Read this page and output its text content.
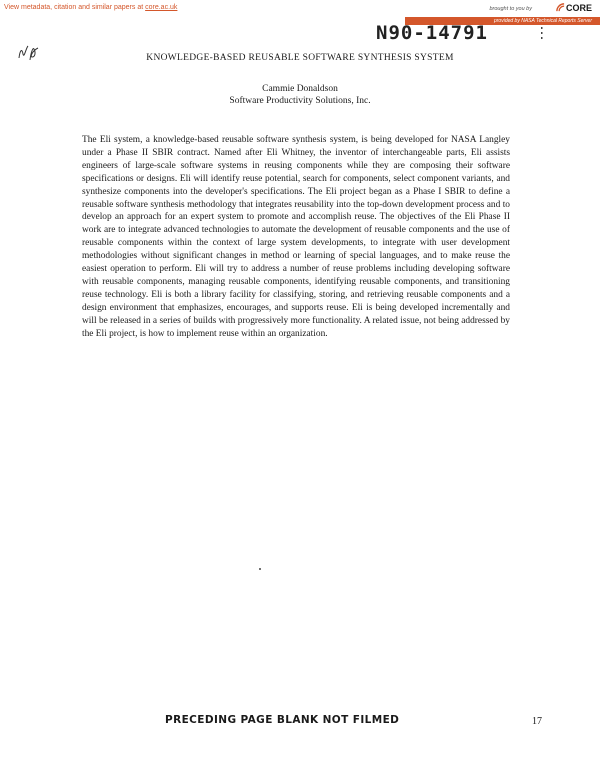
View metadata, citation and similar papers at core.ac.uk	brought to you by	CORE
provided by NASA Technical Reports Server
N90-14791
KNOWLEDGE-BASED REUSABLE SOFTWARE SYNTHESIS SYSTEM
Cammie Donaldson
Software Productivity Solutions, Inc.
The Eli system, a knowledge-based reusable software synthesis system, is being developed for NASA Langley under a Phase II SBIR contract. Named after Eli Whitney, the inventor of interchangeable parts, Eli assists engineers of large-scale software systems in reusing components while they are composing their software specifications or designs. Eli will identify reuse potential, search for components, select component variants, and synthesize components into the developer's specifications. The Eli project began as a Phase I SBIR to define a reusable software synthesis methodology that integrates reusability into the top-down development process and to develop an approach for an expert system to promote and accomplish reuse. The objectives of the Eli Phase II work are to integrate advanced technologies to automate the development of reusable components and the use of reusable components within the context of large system developments, to integrate with user development methodologies without significant changes in method or learning of special languages, and to make reuse the easiest operation to perform. Eli will try to address a number of reuse problems including developing software with reusable components, managing reusable components, identifying reusable components, and transitioning reuse technology. Eli is both a library facility for classifying, storing, and retrieving reusable components and a design environment that emphasizes, encourages, and supports reuse. Eli is being developed incrementally and will be released in a series of builds with progressively more functionality. A related issue, not being addressed by the Eli project, is how to implement reuse within an organization.
PRECEDING PAGE BLANK NOT FILMED	17
